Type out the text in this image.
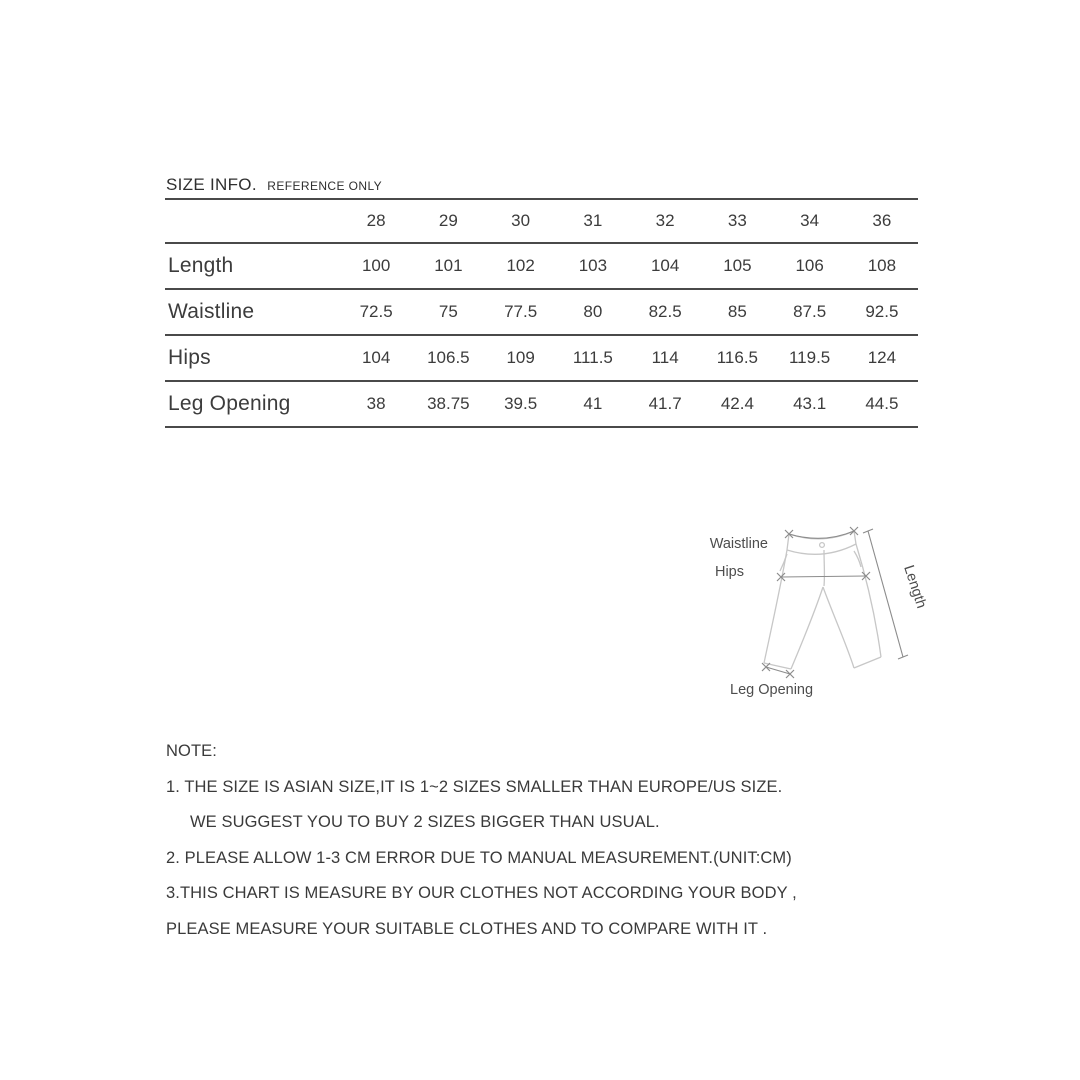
SIZE INFO. REFERENCE ONLY
	28	29	30	31	32	33	34	36
Length	100	101	102	103	104	105	106	108
Waistline	72.5	75	77.5	80	82.5	85	87.5	92.5
Hips	104	106.5	109	111.5	114	116.5	119.5	124
Leg Opening	38	38.75	39.5	41	41.7	42.4	43.1	44.5
Waistline
Hips	Length
Leg Opening
NOTE:
1. THE SIZE IS ASIAN SIZE,IT IS 1~2 SIZES SMALLER THAN EUROPE/US SIZE.
WE SUGGEST YOU TO BUY 2 SIZES BIGGER THAN USUAL.
2. PLEASE ALLOW 1-3 CM ERROR DUE TO MANUAL MEASUREMENT.(UNIT:CM)
3.THIS CHART IS MEASURE BY OUR CLOTHES NOT ACCORDING YOUR BODY ,
PLEASE MEASURE YOUR SUITABLE CLOTHES AND TO COMPARE WITH IT .
